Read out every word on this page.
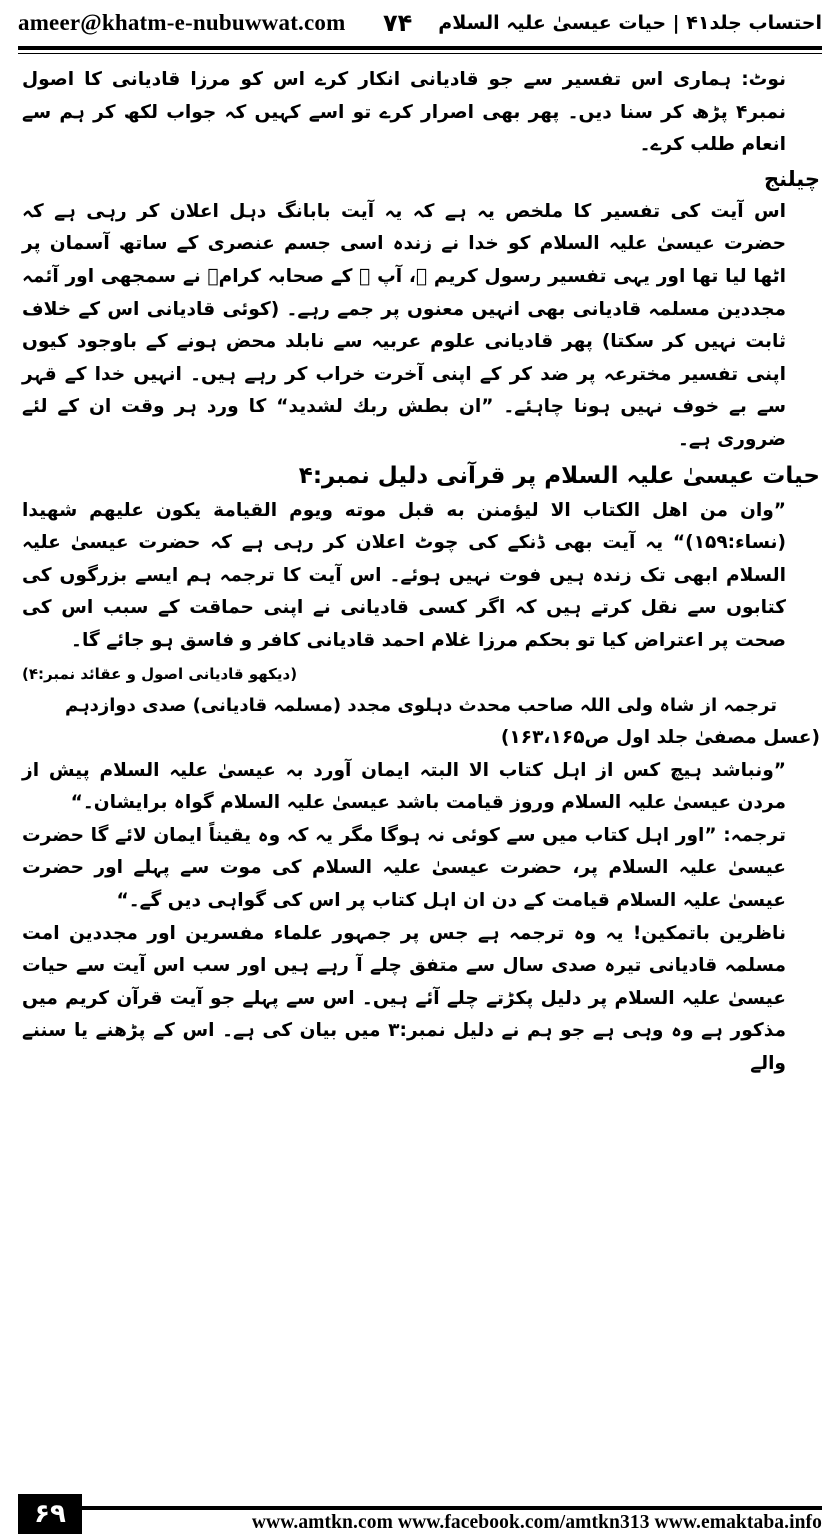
ameer@khatm-e-nubuwwat.com	احتساب جلد۴۱ | حیات عیسیٰ علیہ السلام
۷۴

نوٹ: ہماری اس تفسیر سے جو قادیانی انکار کرے اس کو مرزا قادیانی کا اصول نمبر۴ پڑھ کر سنا دیں۔ پھر بھی اصرار کرے تو اسے کہیں کہ جواب لکھ کر ہم سے انعام طلب کرے۔

چیلنج

اس آیت کی تفسیر کا ملخص یہ ہے کہ یہ آیت بابانگ دہل اعلان کر رہی ہے کہ حضرت عیسیٰ علیہ السلام کو خدا نے زندہ اسی جسم عنصری کے ساتھ آسمان پر اٹھا لیا تھا اور یہی تفسیر رسول کریم ﷺ، آپ ﷺ کے صحابہ کرامؓ نے سمجھی اور آئمہ مجددین مسلمہ قادیانی بھی انہیں معنوں پر جمے رہے۔ (کوئی قادیانی اس کے خلاف ثابت نہیں کر سکتا) پھر قادیانی علوم عربیہ سے نابلد محض ہونے کے باوجود کیوں اپنی تفسیر مخترعہ پر ضد کر کے اپنی آخرت خراب کر رہے ہیں۔ انہیں خدا کے قہر سے بے خوف نہیں ہونا چاہئے۔ ”ان بطش ربك لشديد“ کا ورد ہر وقت ان کے لئے ضروری ہے۔

حیات عیسیٰ علیہ السلام پر قرآنی دلیل نمبر:۴

”وان من اهل الكتاب الا ليؤمنن به قبل موته ويوم القيامة يكون عليهم شهيدا (نساء:۱۵۹)“ یہ آیت بھی ڈنکے کی چوٹ اعلان کر رہی ہے کہ حضرت عیسیٰ علیہ السلام ابھی تک زندہ ہیں فوت نہیں ہوئے۔ اس آیت کا ترجمہ ہم ایسے بزرگوں کی کتابوں سے نقل کرتے ہیں کہ اگر کسی قادیانی نے اپنی حماقت کے سبب اس کی صحت پر اعتراض کیا تو بحکم مرزا غلام احمد قادیانی کافر و فاسق ہو جائے گا۔

(دیکھو قادیانی اصول و عقائد نمبر:۴)

ترجمہ از شاہ ولی اللہ صاحب محدث دہلوی مجدد (مسلمہ قادیانی) صدی دوازدہم

(عسل مصفیٰ جلد اول ص۱۶۳،۱۶۵)

”ونباشد ہیچ کس از اہل کتاب الا البتہ ایمان آورد بہ عیسیٰ علیہ السلام پیش از مردن عیسیٰ علیہ السلام وروز قیامت باشد عیسیٰ علیہ السلام گواہ برایشان۔“

ترجمہ: ”اور اہل کتاب میں سے کوئی نہ ہوگا مگر یہ کہ وہ یقیناً ایمان لائے گا حضرت عیسیٰ علیہ السلام پر، حضرت عیسیٰ علیہ السلام کی موت سے پہلے اور حضرت عیسیٰ علیہ السلام قیامت کے دن ان اہل کتاب پر اس کی گواہی دیں گے۔“

ناظرین باتمکین! یہ وہ ترجمہ ہے جس پر جمہور علماء مفسرین اور مجددین امت مسلمہ قادیانی تیرہ صدی سال سے متفق چلے آ رہے ہیں اور سب اس آیت سے حیات عیسیٰ علیہ السلام پر دلیل پکڑتے چلے آئے ہیں۔ اس سے پہلے جو آیت قرآن کریم میں مذکور ہے وہ وہی ہے جو ہم نے دلیل نمبر:۳ میں بیان کی ہے۔ اس کے پڑھنے یا سننے والے

۶۹	www.amtkn.com www.facebook.com/amtkn313 www.emaktaba.info
